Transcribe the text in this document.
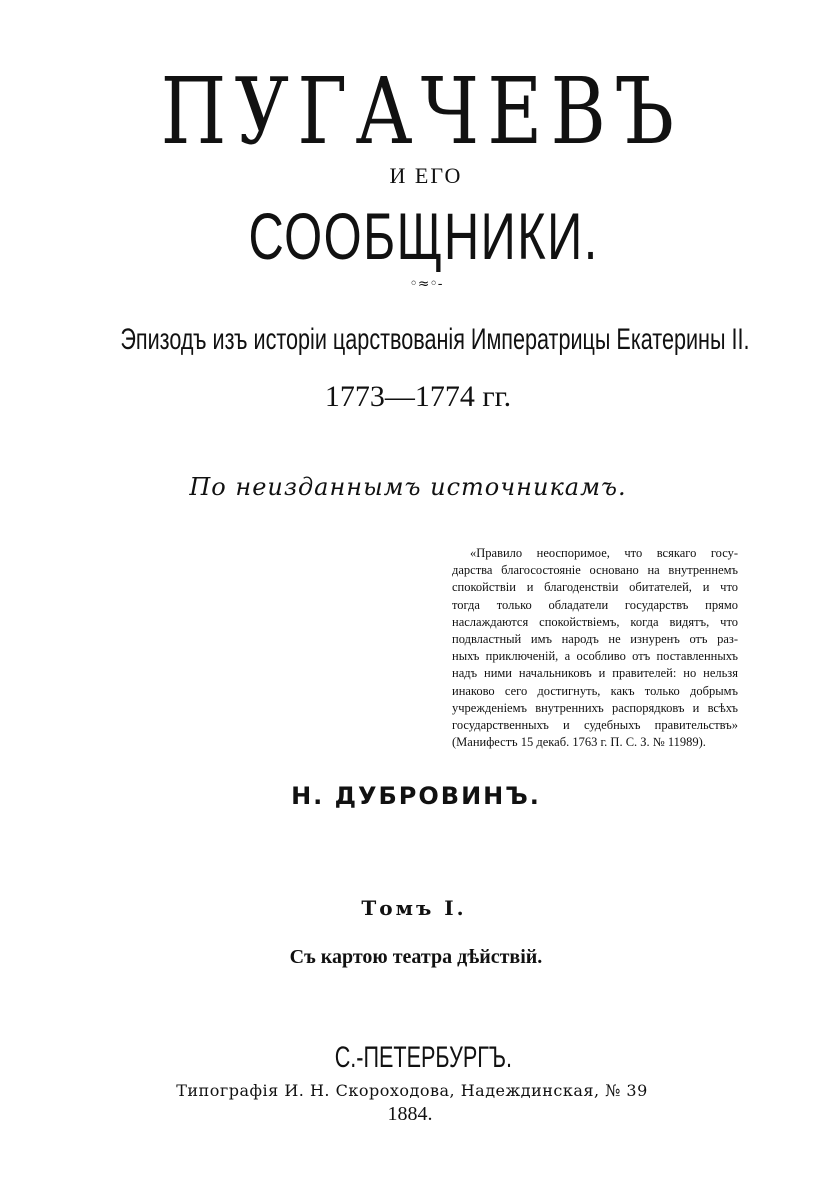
ПУГАЧЕВЪ
И ЕГО
СООБЩНИКИ.
◦≈◦-
Эпизодъ изъ исторіи царствованія Императрицы Екатерины II.
1773—1774 гг.
По неизданнымъ источникамъ.
«Правило неоспоримое, что всякаго госу-
дарства благосостояніе основано на внутреннемъ
спокойствіи и благоденствіи обитателей, и что
тогда только обладатели государствъ прямо
наслаждаются спокойствіемъ, когда видятъ, что
подвластный имъ народъ не изнуренъ отъ раз-
ныхъ приключеній, а особливо отъ поставленныхъ
надъ ними начальниковъ и правителей: но нельзя
инаково сего достигнуть, какъ только добрымъ
учрежденіемъ внутреннихъ распорядковъ и всѣхъ
государственныхъ и судебныхъ правительствъ»
(Манифестъ 15 декаб. 1763 г. П. С. З. № 11989).
Н. ДУБРОВИНЪ.
Томъ I.
Съ картою театра дѣйствій.
С.-ПЕТЕРБУРГЪ.
Типографія И. Н. Скороходова, Надеждинская, № 39
1884.
